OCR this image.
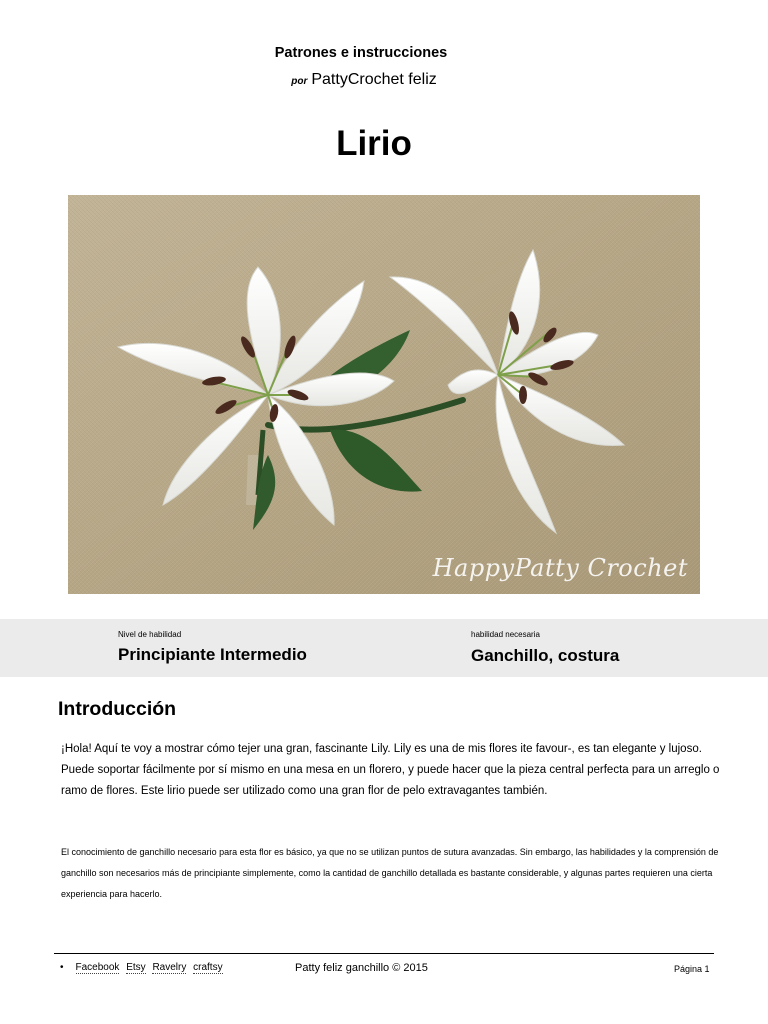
Patrones e instrucciones
por PattyCrochet feliz
Lirio
HappyPatty Crochet
Nivel de habilidad
Principiante Intermedio
habilidad necesaria
Ganchillo, costura
Introducción
¡Hola! Aquí te voy a mostrar cómo tejer una gran, fascinante Lily. Lily es una de mis flores ite favour-, es tan elegante y lujoso. Puede soportar fácilmente por sí mismo en una mesa en un florero, y puede hacer que la pieza central perfecta para un arreglo o ramo de flores. Este lirio puede ser utilizado como una gran flor de pelo extravagantes también.
El conocimiento de ganchillo necesario para esta flor es básico, ya que no se utilizan puntos de sutura avanzadas. Sin embargo, las habilidades y la comprensión de ganchillo son necesarios más de principiante simplemente, como la cantidad de ganchillo detallada es bastante considerable, y algunas partes requieren una cierta experiencia para hacerlo.
• Facebook Etsy Ravelry craftsy	Patty feliz ganchillo © 2015	Página 1
